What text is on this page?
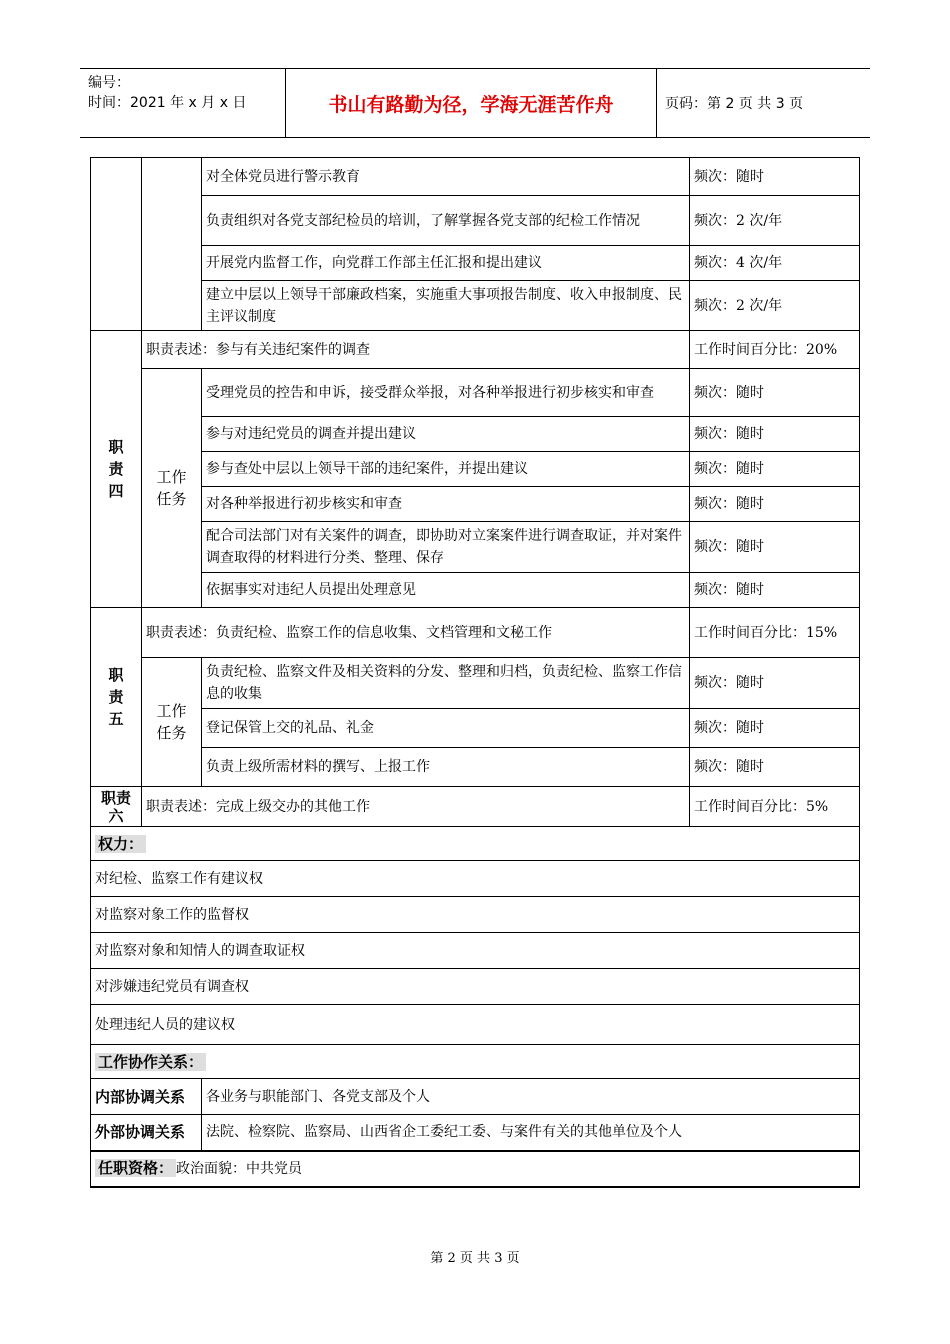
编号：
时间：2021 年 x 月 x 日	书山有路勤为径，学海无涯苦作舟	页码：第 2 页 共 3 页
		对全体党员进行警示教育	频次：随时
		负责组织对各党支部纪检员的培训，了解掌握各党支部的纪检工作情况	频次：2 次/年
		开展党内监督工作，向党群工作部主任汇报和提出建议	频次：4 次/年
		建立中层以上领导干部廉政档案，实施重大事项报告制度、收入申报制度、民主评议制度	频次：2 次/年
职责四	职责表述：参与有关违纪案件的调查		工作时间百分比：20%
	工作任务	受理党员的控告和申诉，接受群众举报，对各种举报进行初步核实和审查	频次：随时
		参与对违纪党员的调查并提出建议	频次：随时
		参与查处中层以上领导干部的违纪案件，并提出建议	频次：随时
		对各种举报进行初步核实和审查	频次：随时
		配合司法部门对有关案件的调查，即协助对立案案件进行调查取证，并对案件调查取得的材料进行分类、整理、保存	频次：随时
		依据事实对违纪人员提出处理意见	频次：随时
职责五	职责表述：负责纪检、监察工作的信息收集、文档管理和文秘工作		工作时间百分比：15%
	工作任务	负责纪检、监察文件及相关资料的分发、整理和归档，负责纪检、监察工作信息的收集	频次：随时
		登记保管上交的礼品、礼金	频次：随时
		负责上级所需材料的撰写、上报工作	频次：随时
职责六	职责表述：完成上级交办的其他工作		工作时间百分比：5%
权力：			
对纪检、监察工作有建议权			
对监察对象工作的监督权			
对监察对象和知情人的调查取证权			
对涉嫌违纪党员有调查权			
处理违纪人员的建议权			
工作协作关系：			
内部协调关系		各业务与职能部门、各党支部及个人	
外部协调关系		法院、检察院、监察局、山西省企工委纪工委、与案件有关的其他单位及个人	
任职资格： 政治面貌：中共党员			
第 2 页 共 3 页
